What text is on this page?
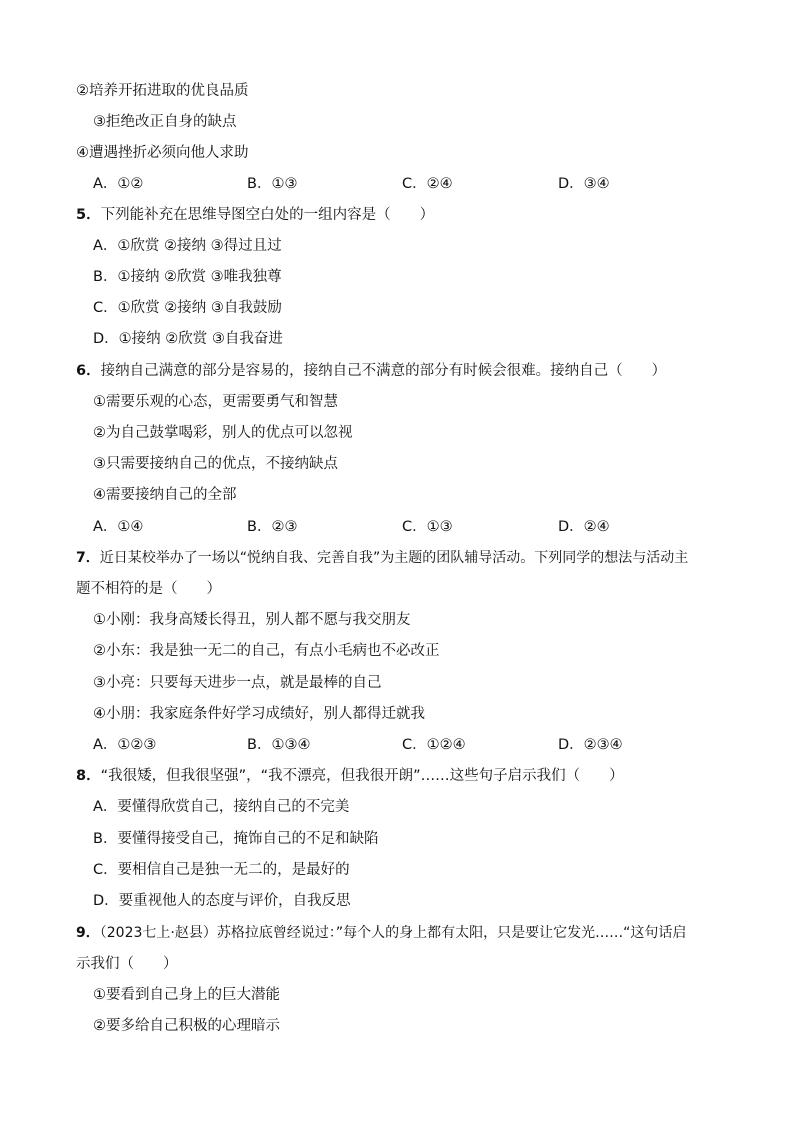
②培养开拓进取的优良品质
③拒绝改正自身的缺点
④遭遇挫折必须向他人求助
A．①②	B．①③	C．②④	D．③④
5．下列能补充在思维导图空白处的一组内容是（　　）
A．①欣赏 ②接纳 ③得过且过
B．①接纳 ②欣赏 ③唯我独尊
C．①欣赏 ②接纳 ③自我鼓励
D．①接纳 ②欣赏 ③自我奋进
6．接纳自己满意的部分是容易的，接纳自己不满意的部分有时候会很难。接纳自己（　　）
①需要乐观的心态，更需要勇气和智慧
②为自己鼓掌喝彩，别人的优点可以忽视
③只需要接纳自己的优点，不接纳缺点
④需要接纳自己的全部
A．①④	B．②③	C．①③	D．②④
7．近日某校举办了一场以“悦纳自我、完善自我”为主题的团队辅导活动。下列同学的想法与活动主
题不相符的是（　　）
①小刚：我身高矮长得丑，别人都不愿与我交朋友
②小东：我是独一无二的自己，有点小毛病也不必改正
③小亮：只要每天进步一点，就是最棒的自己
④小朋：我家庭条件好学习成绩好，别人都得迁就我
A．①②③	B．①③④	C．①②④	D．②③④
8．“我很矮，但我很坚强”，“我不漂亮，但我很开朗”……这些句子启示我们（　　）
A．要懂得欣赏自己，接纳自己的不完美
B．要懂得接受自己，掩饰自己的不足和缺陷
C．要相信自己是独一无二的，是最好的
D．要重视他人的态度与评价，自我反思
9．（2023七上·赵县）苏格拉底曾经说过：”每个人的身上都有太阳，只是要让它发光……“这句话启
示我们（　　）
①要看到自己身上的巨大潜能
②要多给自己积极的心理暗示
